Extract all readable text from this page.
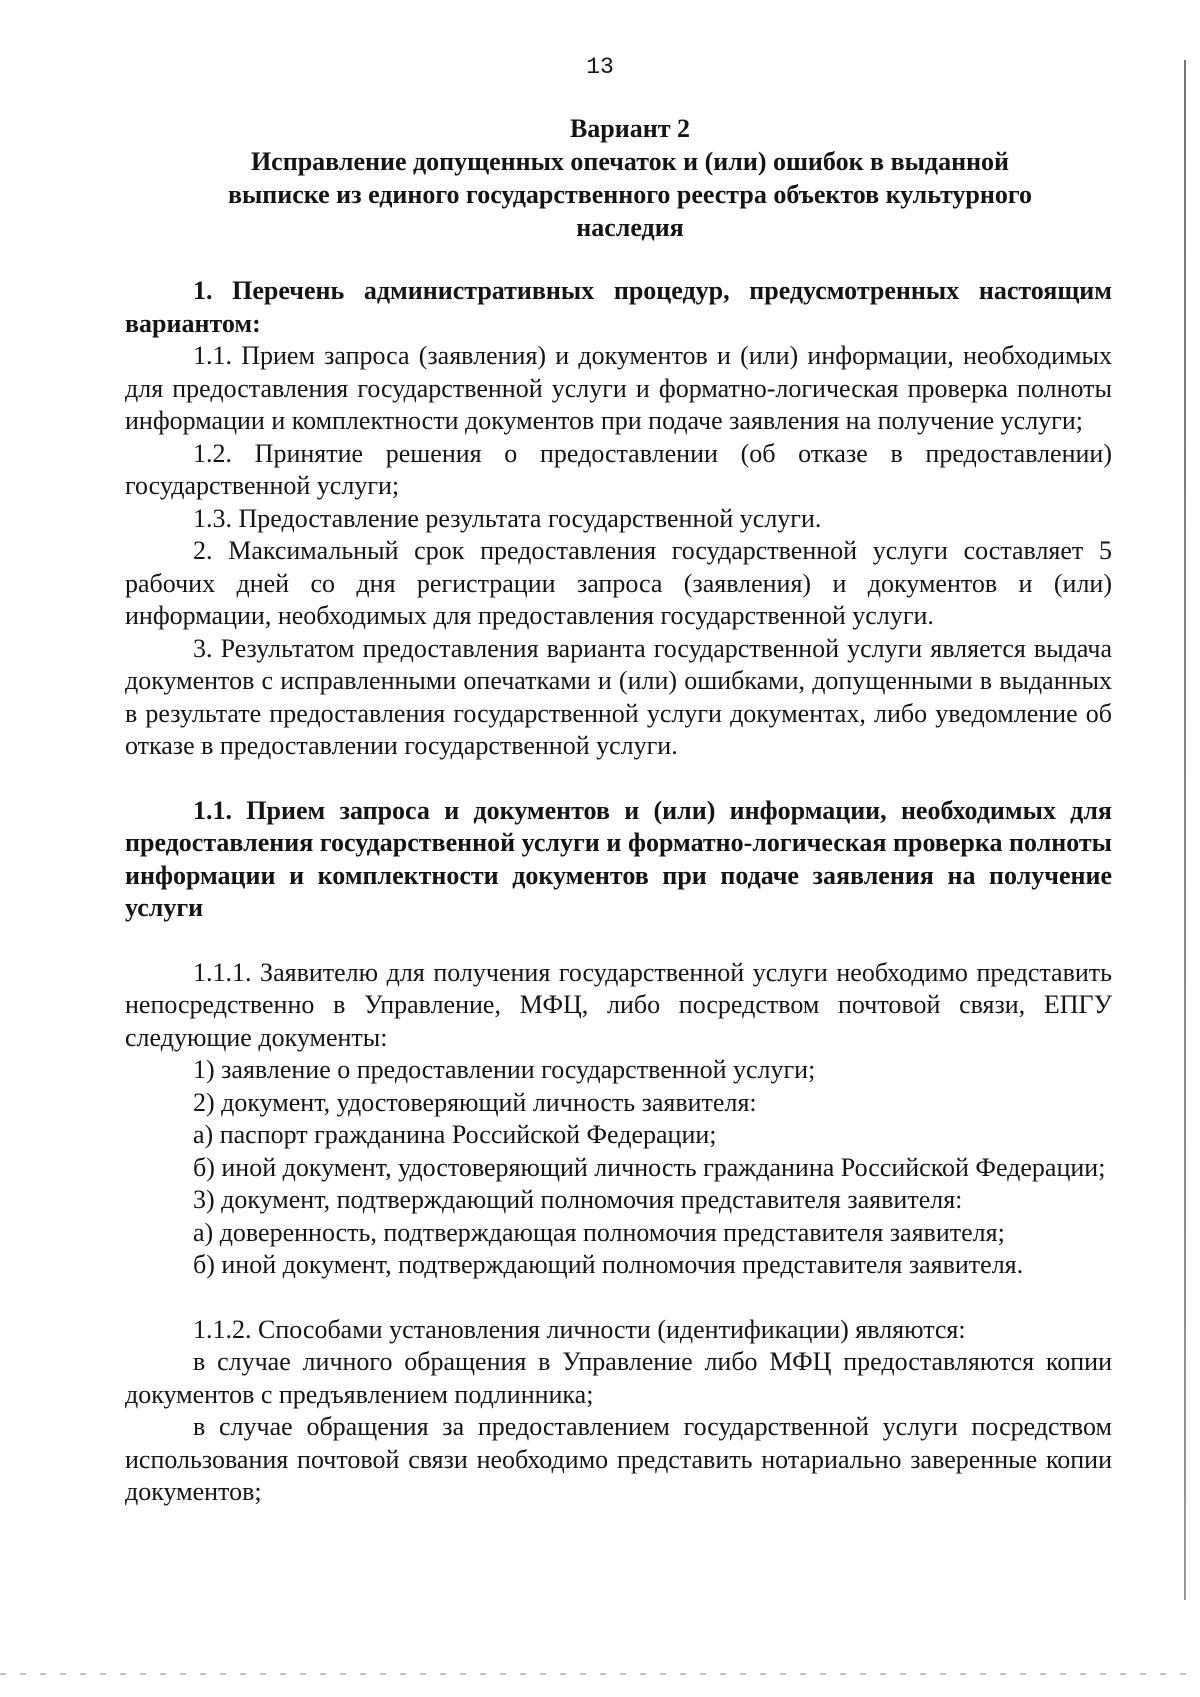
13
Вариант 2
Исправление допущенных опечаток и (или) ошибок в выданной
выписке из единого государственного реестра объектов культурного
наследия

1. Перечень административных процедур, предусмотренных настоящим вариантом:

1.1. Прием запроса (заявления) и документов и (или) информации, необходимых для предоставления государственной услуги и форматно-логическая проверка полноты информации и комплектности документов при подаче заявления на получение услуги;

1.2. Принятие решения о предоставлении (об отказе в предоставлении) государственной услуги;

1.3. Предоставление результата государственной услуги.

2. Максимальный срок предоставления государственной услуги составляет 5 рабочих дней со дня регистрации запроса (заявления) и документов и (или) информации, необходимых для предоставления государственной услуги.

3. Результатом предоставления варианта государственной услуги является выдача документов с исправленными опечатками и (или) ошибками, допущенными в выданных в результате предоставления государственной услуги документах, либо уведомление об отказе в предоставлении государственной услуги.

1.1. Прием запроса и документов и (или) информации, необходимых для предоставления государственной услуги и форматно-логическая проверка полноты информации и комплектности документов при подаче заявления на получение услуги

1.1.1. Заявителю для получения государственной услуги необходимо представить непосредственно в Управление, МФЦ, либо посредством почтовой связи, ЕПГУ следующие документы:

1) заявление о предоставлении государственной услуги;

2) документ, удостоверяющий личность заявителя:

а) паспорт гражданина Российской Федерации;

б) иной документ, удостоверяющий личность гражданина Российской Федерации;

3) документ, подтверждающий полномочия представителя заявителя:

а) доверенность, подтверждающая полномочия представителя заявителя;

б) иной документ, подтверждающий полномочия представителя заявителя.

1.1.2. Способами установления личности (идентификации) являются:

в случае личного обращения в Управление либо МФЦ предоставляются копии документов с предъявлением подлинника;

в случае обращения за предоставлением государственной услуги посредством использования почтовой связи необходимо представить нотариально заверенные копии документов;
